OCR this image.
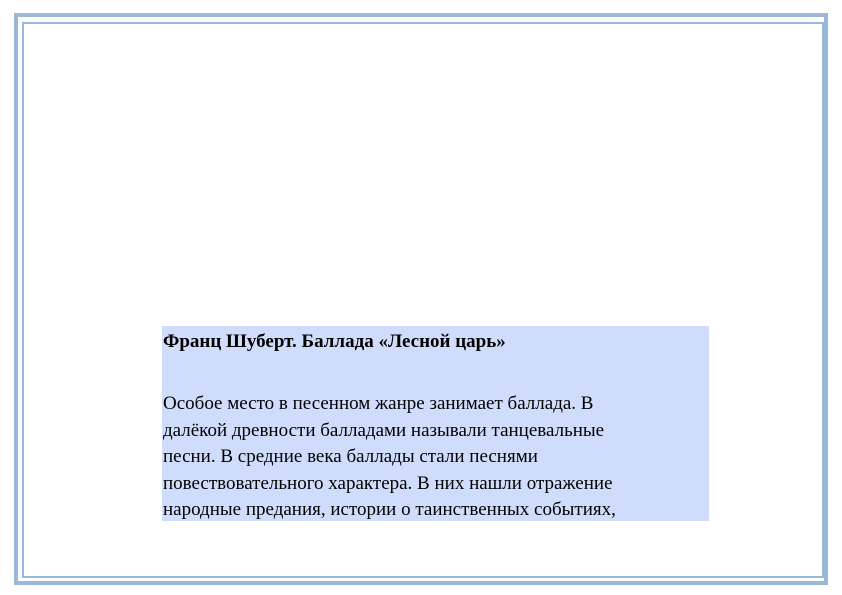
Франц Шуберт. Баллада «Лесной царь»

Особое место в песенном жанре занимает баллада. В
далёкой древности балладами называли танцевальные
песни. В средние века баллады стали песнями
повествовательного характера. В них нашли отражение
народные предания, истории о таинственных событиях,
